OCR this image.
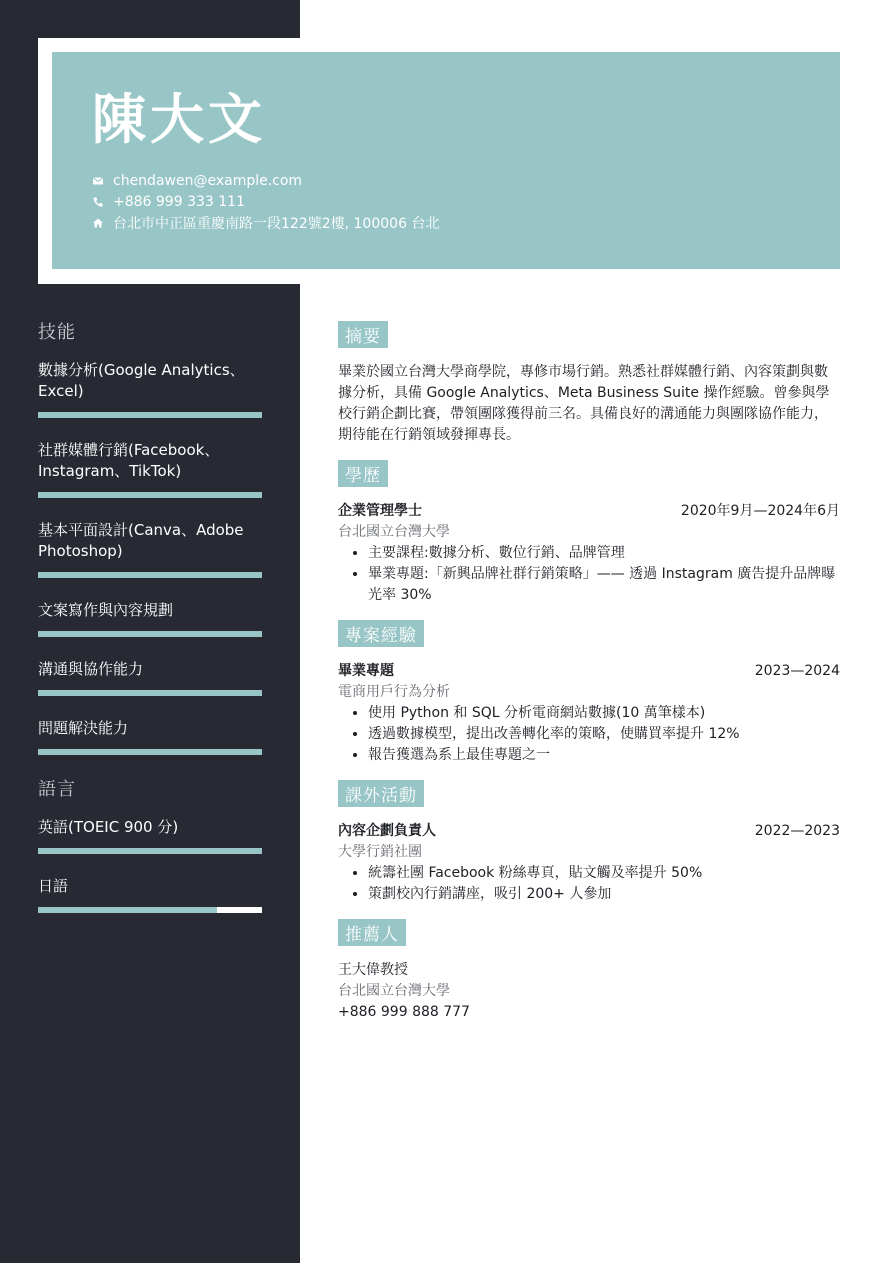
陳大文
chendawen@example.com
+886 999 333 111
台北市中正區重慶南路一段122號2樓, 100006 台北
技能
數據分析(Google Analytics、Excel)
社群媒體行銷(Facebook、Instagram、TikTok)
基本平面設計(Canva、Adobe Photoshop)
文案寫作與內容規劃
溝通與協作能力
問題解決能力
語言
英語(TOEIC 900 分)
日語
摘要

畢業於國立台灣大學商學院，專修市場行銷。熟悉社群媒體行銷、內容策劃與數據分析，具備 Google Analytics、Meta Business Suite 操作經驗。曾參與學校行銷企劃比賽，帶領團隊獲得前三名。具備良好的溝通能力與團隊協作能力，期待能在行銷領域發揮專長。

學歷
企業管理學士	2020年9月—2024年6月
台北國立台灣大學
• 主要課程:數據分析、數位行銷、品牌管理
• 畢業專題:「新興品牌社群行銷策略」—— 透過 Instagram 廣告提升品牌曝光率 30%
專案經驗
畢業專題	2023—2024
電商用戶行為分析
• 使用 Python 和 SQL 分析電商網站數據(10 萬筆樣本)
• 透過數據模型，提出改善轉化率的策略，使購買率提升 12%
• 報告獲選為系上最佳專題之一
課外活動
內容企劃負責人	2022—2023
大學行銷社團
• 統籌社團 Facebook 粉絲專頁，貼文觸及率提升 50%
• 策劃校內行銷講座，吸引 200+ 人參加
推薦人
王大偉教授
台北國立台灣大學
+886 999 888 777
